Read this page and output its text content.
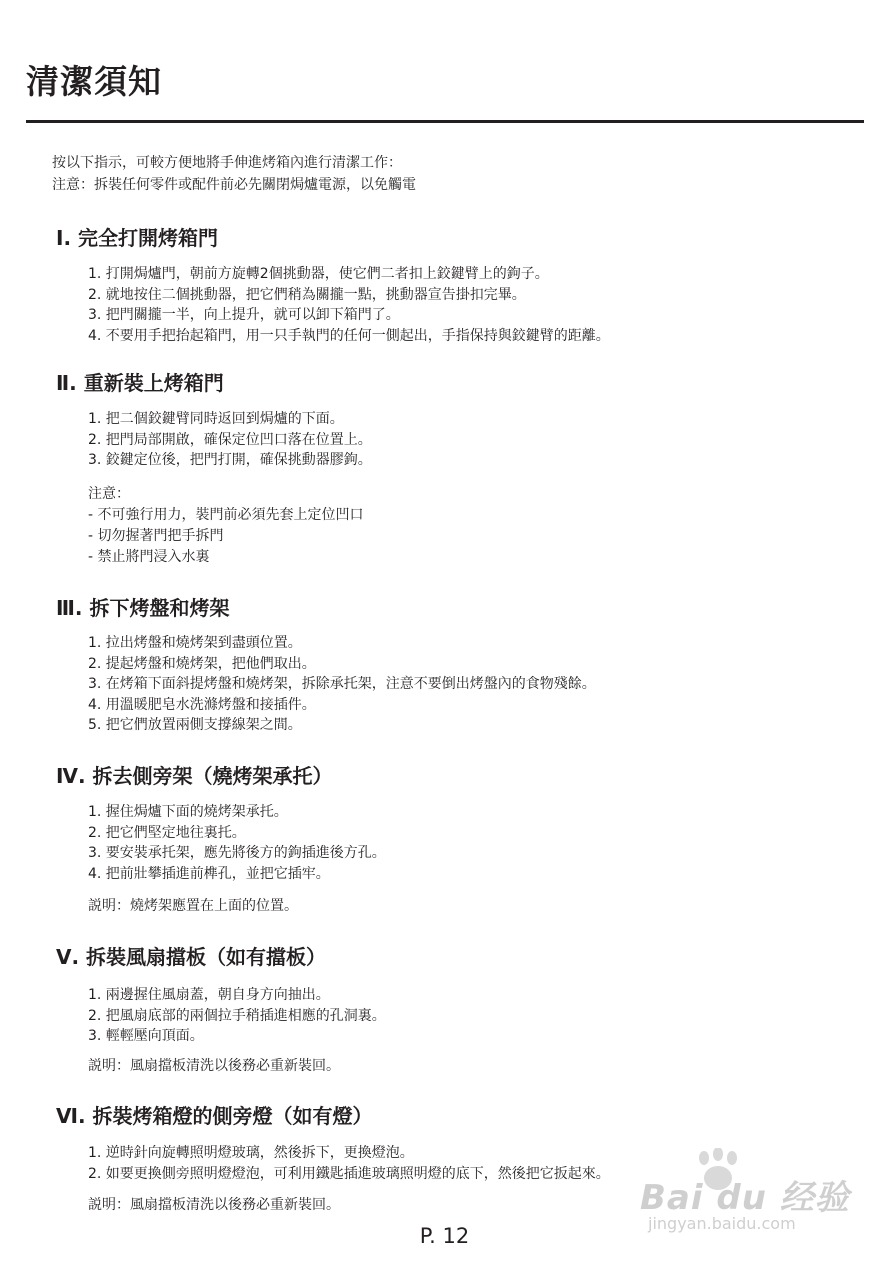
清潔須知
按以下指示，可較方便地將手伸進烤箱內進行清潔工作：
注意：拆裝任何零件或配件前必先關閉焗爐電源，以免觸電
Ⅰ. 完全打開烤箱門
1. 打開焗爐門，朝前方旋轉2個挑動器，使它們二者扣上鉸鍵臂上的鉤子。
2. 就地按住二個挑動器，把它們稍為關攏一點，挑動器宣告掛扣完畢。
3. 把門關攏一半，向上提升，就可以卸下箱門了。
4. 不要用手把抬起箱門，用一只手執門的任何一側起出，手指保持與鉸鍵臂的距離。
Ⅱ. 重新裝上烤箱門
1. 把二個鉸鍵臂同時返回到焗爐的下面。
2. 把門局部開啟，確保定位凹口落在位置上。
3. 鉸鍵定位後，把門打開，確保挑動器膠鉤。
注意：
- 不可強行用力，裝門前必須先套上定位凹口
- 切勿握著門把手拆門
- 禁止將門浸入水裏
Ⅲ. 拆下烤盤和烤架
1. 拉出烤盤和燒烤架到盡頭位置。
2. 提起烤盤和燒烤架，把他們取出。
3. 在烤箱下面斜提烤盤和燒烤架，拆除承托架，注意不要倒出烤盤內的食物殘餘。
4. 用溫暖肥皂水洗滌烤盤和接插件。
5. 把它們放置兩側支撐線架之間。
Ⅳ. 拆去側旁架（燒烤架承托）
1. 握住焗爐下面的燒烤架承托。
2. 把它們堅定地往裏托。
3. 要安裝承托架，應先將後方的鉤插進後方孔。
4. 把前壯攀插進前榫孔，並把它插牢。
説明：燒烤架應置在上面的位置。
Ⅴ. 拆裝風扇擋板（如有擋板）
1. 兩邊握住風扇蓋，朝自身方向抽出。
2. 把風扇底部的兩個拉手稍插進相應的孔洞裏。
3. 輕輕壓向頂面。
説明：風扇擋板清洗以後務必重新裝回。
Ⅵ. 拆裝烤箱燈的側旁燈（如有燈）
1. 逆時針向旋轉照明燈玻璃，然後拆下，更換燈泡。
2. 如要更換側旁照明燈燈泡，可利用鐵匙插進玻璃照明燈的底下，然後把它扳起來。
説明：風扇擋板清洗以後務必重新裝回。
P. 12
Bai du 经验
jingyan.baidu.com
